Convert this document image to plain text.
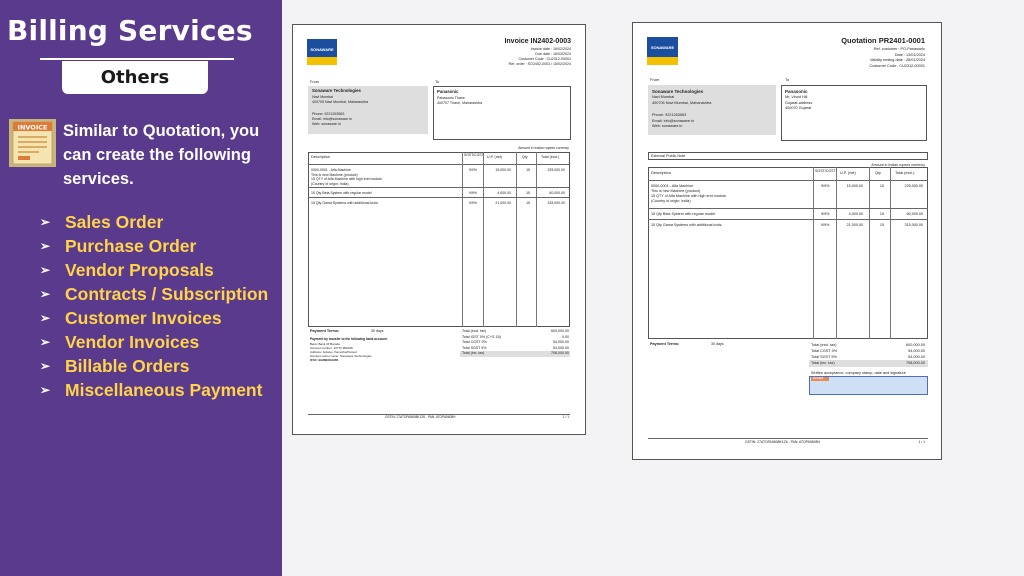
Billing Services
Others
INVOICE Similar to Quotation, you can create the following services.
➢ Sales Order
➢ Purchase Order
➢ Vendor Proposals
➢ Contracts / Subscription
➢ Customer Invoices
➢ Vendor Invoices
➢ Billable Orders
➢ Miscellaneous Payment
SONAWARE
Invoice IN2402-0003
Invoice date : 16/02/2024
Due date : 16/03/2024
Customer Code : CU2312-00001
Ref. order : SO2402-0003 / 15/02/2024
From	To
Sonaware Technologies
Navi Mumbai
400705 Navi Mumbai, Maharashtra
Phone: 9221263563
Email: info@sonaware.in
Web: sonaware.in
Panasonic
Panasonic Thane
400707 Thane, Maharashtra
Amount in Indian rupees currency
Description	SGST/CGST U.P. (net)	Qty	Total (excl.)
0000-0001 - Alfa Machine
This is new Machine (product)
15 QTY of Alfa Machine with high end module.
(Country of origin: India)
9/9%	15,000.00	15	225,000.00
15 Qty Beta System with regular model	9/9%	4,000.00	15	60,000.00
15 Qty Gama Systems with additional tools.	9/9%	21,000.00	15	315,000.00
Payment Terms:	30 days
Payment by transfer to the following bank account:
Bank: Bank Of Baroda
Account number: 10770 900018
Address: Jalvayu, Kamothe/Panvel
Account owner name: Sonaware Technologies
IFSC: BARB0KAMO
Total (excl. tax)	600,000.00
Total IGST 0% (C+S-18)	0.00
Total CGST 9%	54,000.00
Total SGST 9%	54,000.00
Total (inc. tax)	708,000.00
GSTIN: 27ATOPA5608K1Z6 - PAN: ATOPA5608H	1 / 1
SONAWARE
Quotation PR2401-0001
Ref. customer : PO-Panasonic
Date : 13/01/2024
Validity ending date : 28/01/2024
Customer Code : CU2312-00001
From	To
Sonaware Technologies
Navi Mumbai
400705 Navi Mumbai, Maharashtra
Phone: 9221263563
Email: info@sonaware.in
Web: sonaware.in
Panasonic
Mr. Vinod Hill
Gujarat-address
400070 Gujarat
External Public Note
Amount in Indian rupees currency
Description	SGST/CGST U.P. (net)	Qty	Total (excl.)
0000-0001 - Alfa Machine
This is new Machine (product)
15 QTY of Alfa Machine with high end module.
(Country of origin: India)
9/9%	15,000.00	15	225,000.00
15 Qty Beta System with regular model.	9/9%	4,000.00	15	60,000.00
15 Qty Gama Systems with additional tools.	9/9%	21,000.00	15	315,000.00
Payment Terms:	30 days	Total (excl. tax)	600,000.00
Total CGST 9%	54,000.00
Total SGST 9%	54,000.00
Total (inc. tax)	708,000.00
Written acceptance, company stamp, date and signature
Accept
GSTIN: 27ATOPA5608K1Z6 - PAN: ATOPA5608H	1 / 1
